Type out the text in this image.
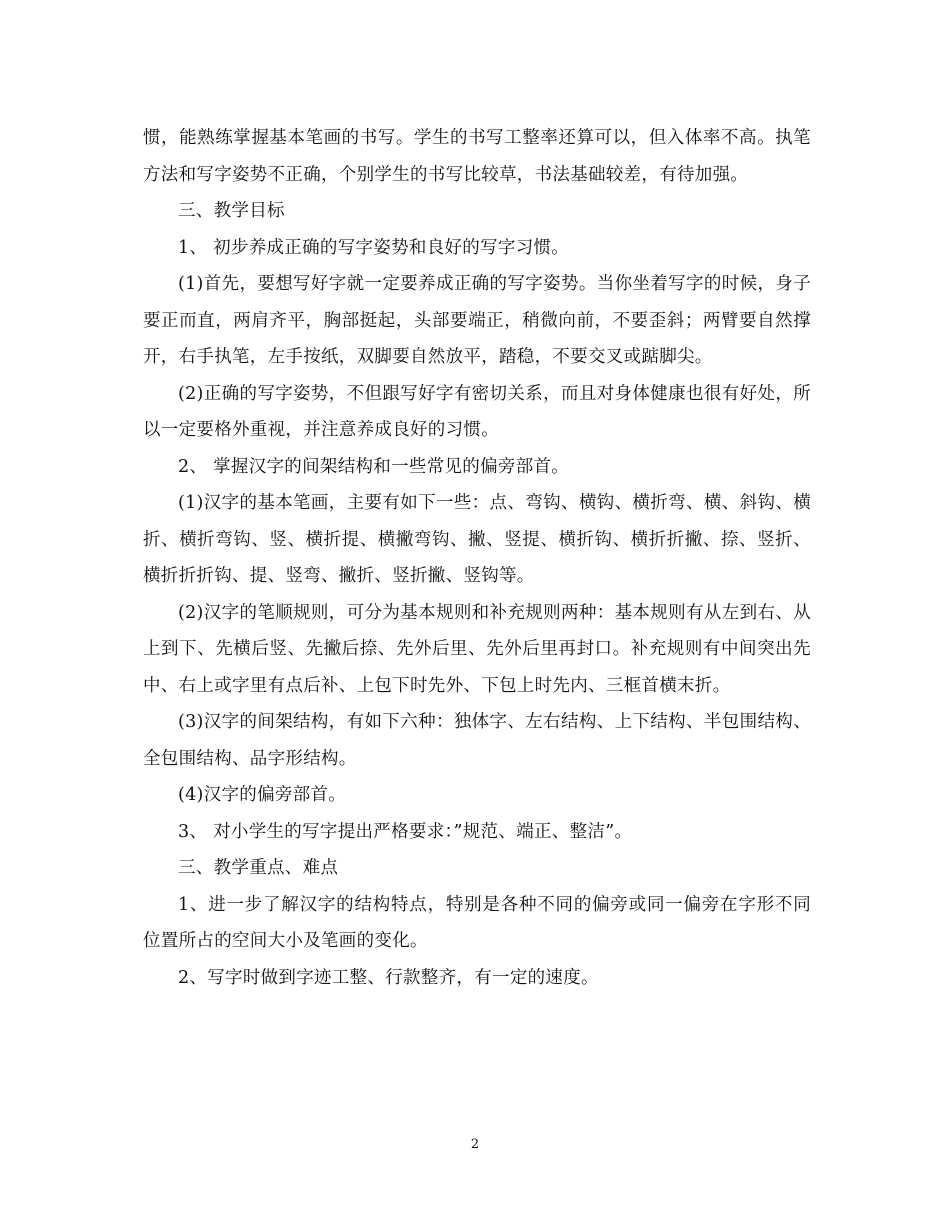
惯，能熟练掌握基本笔画的书写。学生的书写工整率还算可以，但入体率不高。执笔方法和写字姿势不正确，个别学生的书写比较草，书法基础较差，有待加强。

三、教学目标

1、 初步养成正确的写字姿势和良好的写字习惯。

(1)首先，要想写好字就一定要养成正确的写字姿势。当你坐着写字的时候，身子要正而直，两肩齐平，胸部挺起，头部要端正，稍微向前，不要歪斜；两臂要自然撑开，右手执笔，左手按纸，双脚要自然放平，踏稳，不要交叉或踮脚尖。

(2)正确的写字姿势，不但跟写好字有密切关系，而且对身体健康也很有好处，所以一定要格外重视，并注意养成良好的习惯。

2、 掌握汉字的间架结构和一些常见的偏旁部首。

(1)汉字的基本笔画，主要有如下一些：点、弯钩、横钩、横折弯、横、斜钩、横折、横折弯钩、竖、横折提、横撇弯钩、撇、竖提、横折钩、横折折撇、捺、竖折、横折折折钩、提、竖弯、撇折、竖折撇、竖钩等。

(2)汉字的笔顺规则，可分为基本规则和补充规则两种：基本规则有从左到右、从上到下、先横后竖、先撇后捺、先外后里、先外后里再封口。补充规则有中间突出先中、右上或字里有点后补、上包下时先外、下包上时先内、三框首横末折。

(3)汉字的间架结构，有如下六种：独体字、左右结构、上下结构、半包围结构、全包围结构、品字形结构。

(4)汉字的偏旁部首。

3、 对小学生的写字提出严格要求：”规范、端正、整洁”。

三、教学重点、难点

1、进一步了解汉字的结构特点，特别是各种不同的偏旁或同一偏旁在字形不同位置所占的空间大小及笔画的变化。

2、写字时做到字迹工整、行款整齐，有一定的速度。

2
